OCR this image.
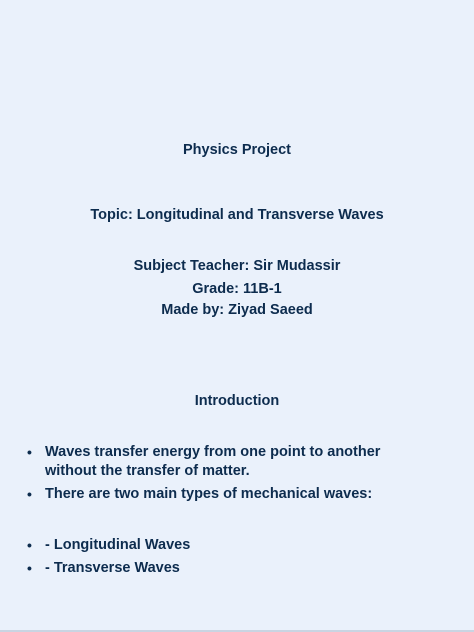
Physics Project
Topic: Longitudinal and Transverse Waves
Subject Teacher: Sir Mudassir
Grade: 11B-1
Made by: Ziyad Saeed
Introduction
• Waves transfer energy from one point to another without the transfer of matter.
• There are two main types of mechanical waves:
• - Longitudinal Waves
• - Transverse Waves
